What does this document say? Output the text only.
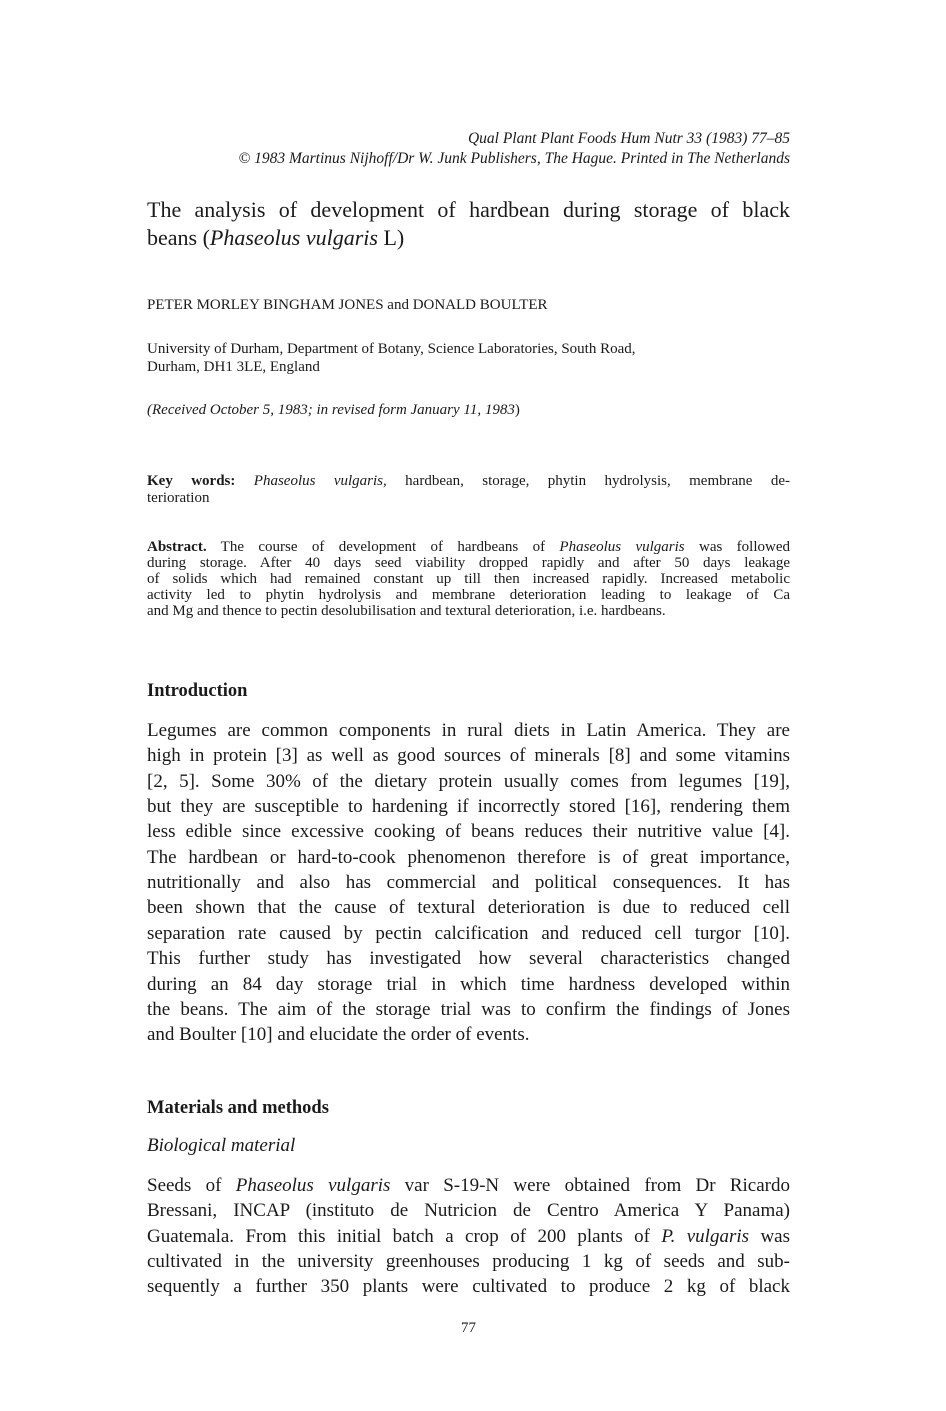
Qual Plant Plant Foods Hum Nutr 33 (1983) 77–85
© 1983 Martinus Nijhoff/Dr W. Junk Publishers, The Hague. Printed in The Netherlands
The analysis of development of hardbean during storage of black
beans (Phaseolus vulgaris L)
PETER MORLEY BINGHAM JONES and DONALD BOULTER
University of Durham, Department of Botany, Science Laboratories, South Road,
Durham, DH1 3LE, England
(Received October 5, 1983; in revised form January 11, 1983)
Key words: Phaseolus vulgaris, hardbean, storage, phytin hydrolysis, membrane de-
terioration
Abstract. The course of development of hardbeans of Phaseolus vulgaris was followed
during storage. After 40 days seed viability dropped rapidly and after 50 days leakage
of solids which had remained constant up till then increased rapidly. Increased metabolic
activity led to phytin hydrolysis and membrane deterioration leading to leakage of Ca
and Mg and thence to pectin desolubilisation and textural deterioration, i.e. hardbeans.
Introduction
Legumes are common components in rural diets in Latin America. They are
high in protein [3] as well as good sources of minerals [8] and some vitamins
[2, 5]. Some 30% of the dietary protein usually comes from legumes [19],
but they are susceptible to hardening if incorrectly stored [16], rendering them
less edible since excessive cooking of beans reduces their nutritive value [4].
The hardbean or hard-to-cook phenomenon therefore is of great importance,
nutritionally and also has commercial and political consequences. It has
been shown that the cause of textural deterioration is due to reduced cell
separation rate caused by pectin calcification and reduced cell turgor [10].
This further study has investigated how several characteristics changed
during an 84 day storage trial in which time hardness developed within
the beans. The aim of the storage trial was to confirm the findings of Jones
and Boulter [10] and elucidate the order of events.
Materials and methods
Biological material
Seeds of Phaseolus vulgaris var S-19-N were obtained from Dr Ricardo
Bressani, INCAP (instituto de Nutricion de Centro America Y Panama)
Guatemala. From this initial batch a crop of 200 plants of P. vulgaris was
cultivated in the university greenhouses producing 1 kg of seeds and sub-
sequently a further 350 plants were cultivated to produce 2 kg of black
77
